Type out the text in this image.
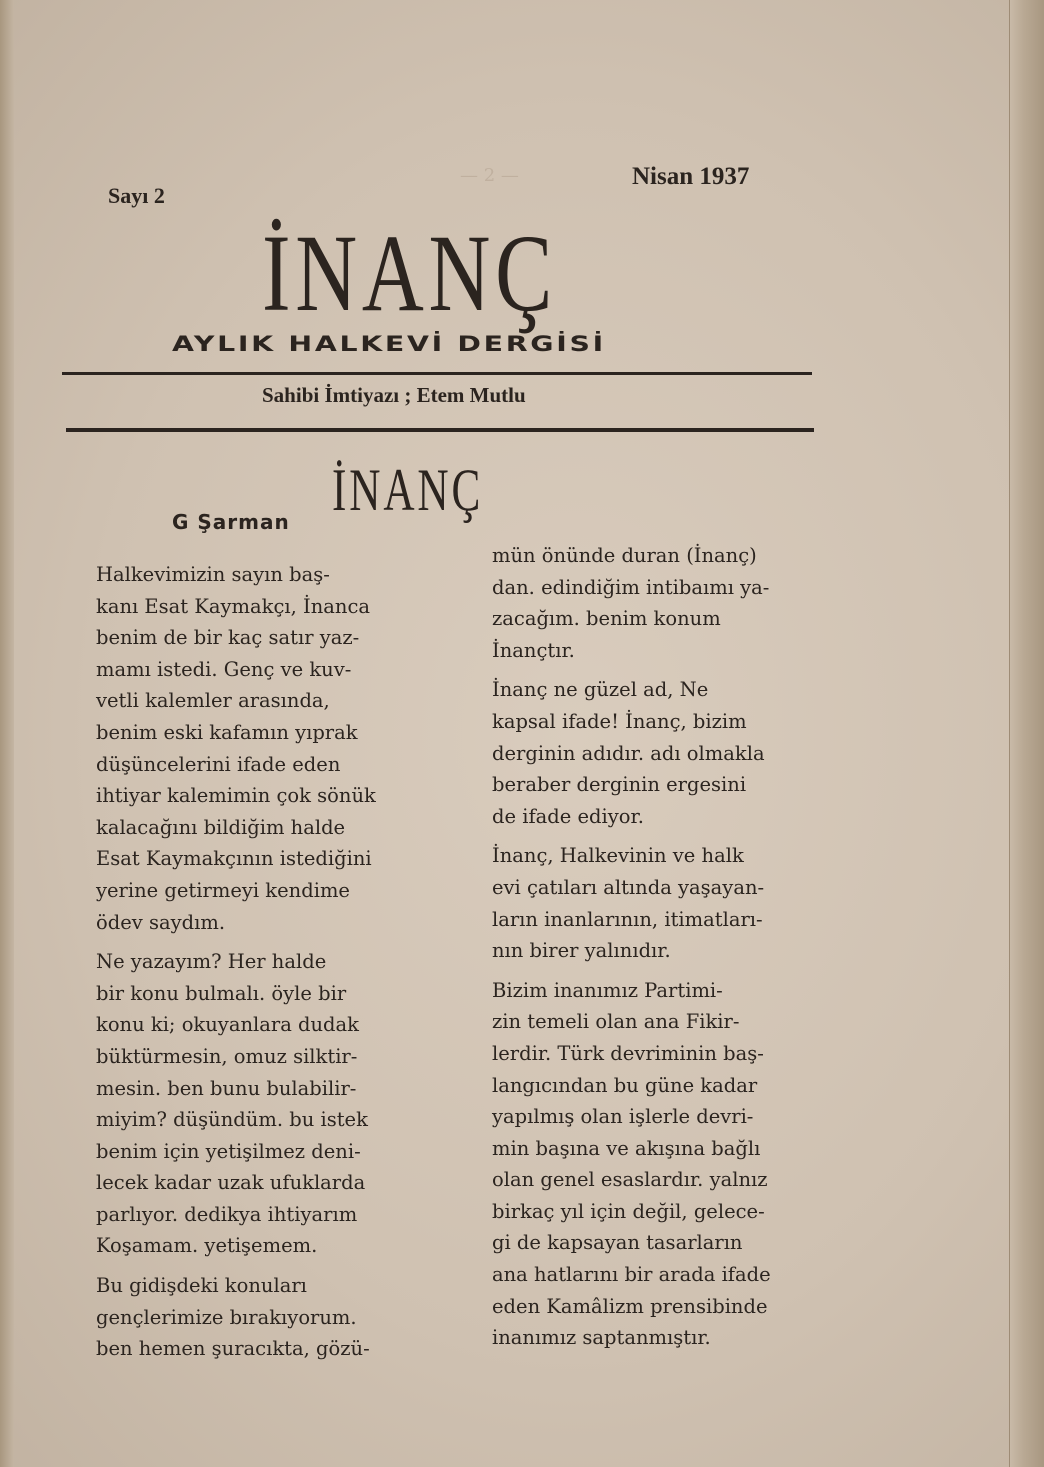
— 2 —
Sayı 2
Nisan 1937
İNANÇ
AYLIK HALKEVİ DERGİSİ
Sahibi İmtiyazı ; Etem Mutlu
İNANÇ
G Şarman

Halkevimizin sayın baş-

kanı Esat Kaymakçı, İnanca

benim de bir kaç satır yaz-

mamı istedi. Genç ve kuv-

vetli kalemler arasında,

benim eski kafamın yıprak

düşüncelerini ifade eden

ihtiyar kalemimin çok sönük

kalacağını bildiğim halde

Esat Kaymakçının istediğini

yerine getirmeyi kendime

ödev saydım.

Ne yazayım? Her halde

bir konu bulmalı. öyle bir

konu ki; okuyanlara dudak

büktürmesin, omuz silktir-

mesin. ben bunu bulabilir-

miyim? düşündüm. bu istek

benim için yetişilmez deni-

lecek kadar uzak ufuklarda

parlıyor. dedikya ihtiyarım

Koşamam. yetişemem.

Bu gidişdeki konuları

gençlerimize bırakıyorum.

ben hemen şuracıkta, gözü-

mün önünde duran (İnanç)

dan. edindiğim intibaımı ya-

zacağım. benim konum

İnançtır.

İnanç ne güzel ad, Ne

kapsal ifade! İnanç, bizim

derginin adıdır. adı olmakla

beraber derginin ergesini

de ifade ediyor.

İnanç, Halkevinin ve halk

evi çatıları altında yaşayan-

ların inanlarının, itimatları-

nın birer yalınıdır.

Bizim inanımız Partimi-

zin temeli olan ana Fikir-

lerdir. Türk devriminin baş-

langıcından bu güne kadar

yapılmış olan işlerle devri-

min başına ve akışına bağlı

olan genel esaslardır. yalnız

birkaç yıl için değil, gelece-

gi de kapsayan tasarların

ana hatlarını bir arada ifade

eden Kamâlizm prensibinde

inanımız saptanmıştır.
